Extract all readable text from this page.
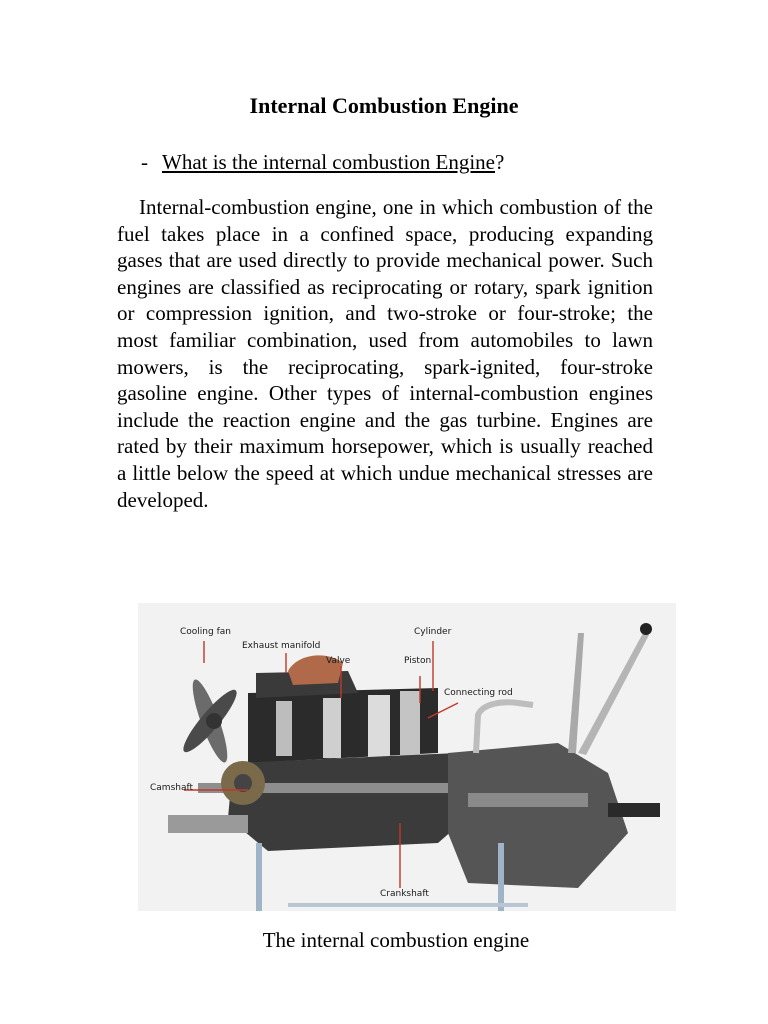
Internal Combustion Engine

- What is the internal combustion Engine?

Internal-combustion engine, one in which combustion of the fuel takes place in a confined space, producing expanding gases that are used directly to provide mechanical power. Such engines are classified as reciprocating or rotary, spark ignition or compression ignition, and two-stroke or four-stroke; the most familiar combination, used from automobiles to lawn mowers, is the reciprocating, spark-ignited, four-stroke gasoline engine. Other types of internal-combustion engines include the reaction engine and the gas turbine. Engines are rated by their maximum horsepower, which is usually reached a little below the speed at which undue mechanical stresses are developed.

Cooling fan
Exhaust manifold
Valve
Cylinder
Piston
Connecting rod
Camshaft
Crankshaft

The internal combustion engine
